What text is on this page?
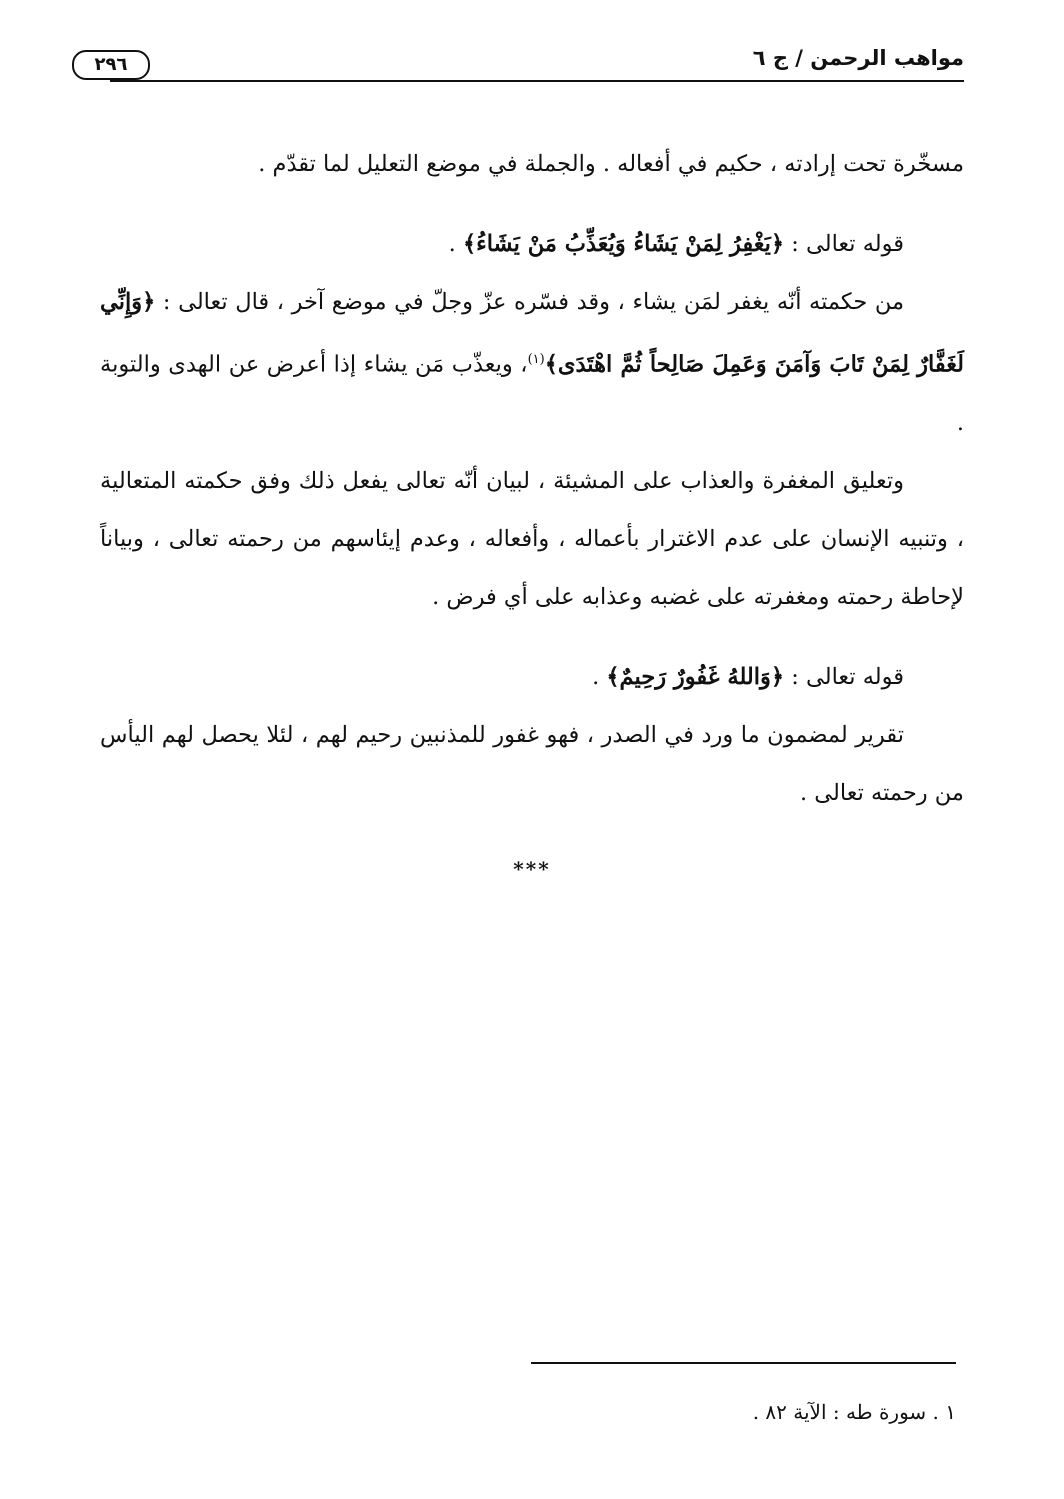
مواهب الرحمن / ج ٦
٢٩٦

مسخّرة تحت إرادته ، حكيم في أفعاله . والجملة في موضع التعليل لما تقدّم .

قوله تعالى : ﴿يَغْفِرُ لِمَنْ يَشَاءُ وَيُعَذِّبُ مَنْ يَشَاءُ﴾ .

من حكمته أنّه يغفر لمَن يشاء ، وقد فسّره عزّ وجلّ في موضع آخر ، قال تعالى : ﴿وَإِنِّي لَغَفَّارٌ لِمَنْ تَابَ وَآمَنَ وَعَمِلَ صَالِحاً ثُمَّ اهْتَدَى﴾$^{(١)}$، ويعذّب مَن يشاء إذا أعرض عن الهدى والتوبة .

وتعليق المغفرة والعذاب على المشيئة ، لبيان أنّه تعالى يفعل ذلك وفق حكمته المتعالية ، وتنبيه الإنسان على عدم الاغترار بأعماله ، وأفعاله ، وعدم إيئاسهم من رحمته تعالى ، وبياناً لإحاطة رحمته ومغفرته على غضبه وعذابه على أي فرض .

قوله تعالى : ﴿وَاللهُ غَفُورٌ رَحِيمٌ﴾ .

تقرير لمضمون ما ورد في الصدر ، فهو غفور للمذنبين رحيم لهم ، لئلا يحصل لهم اليأس من رحمته تعالى .

***

١ . سورة طه : الآية ٨٢ .
